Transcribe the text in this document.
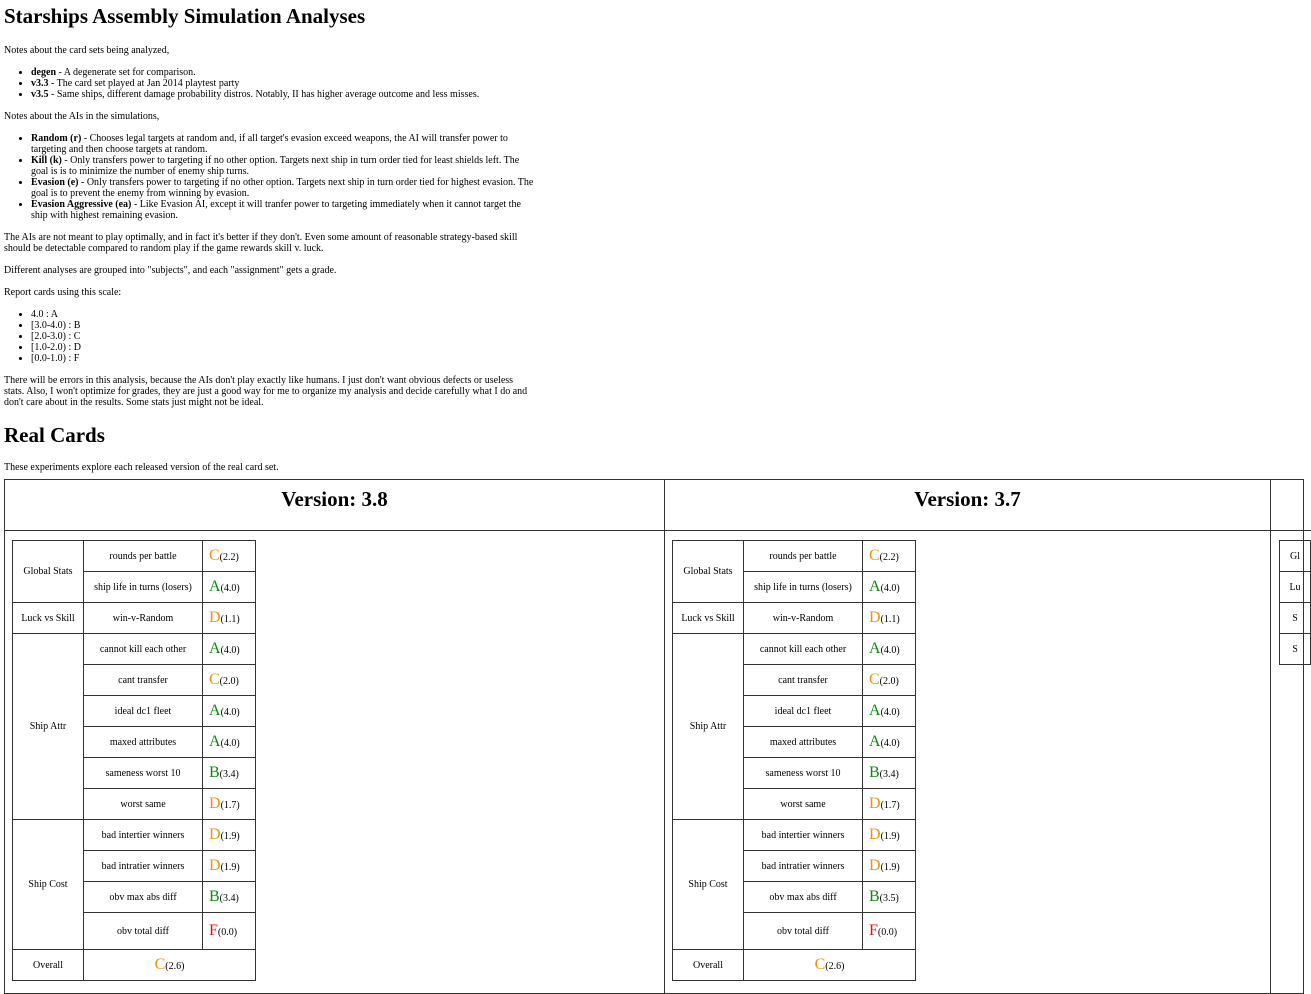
Starships Assembly Simulation Analyses

Notes about the card sets being analyzed,

• degen - A degenerate set for comparison.
• v3.3 - The card set played at Jan 2014 playtest party
• v3.5 - Same ships, different damage probability distros. Notably, II has higher average outcome and less misses.

Notes about the AIs in the simulations,

• Random (r) - Chooses legal targets at random and, if all target's evasion exceed weapons, the AI will transfer power to targeting and then choose targets at random.
• Kill (k) - Only transfers power to targeting if no other option. Targets next ship in turn order tied for least shields left. The goal is is to minimize the number of enemy ship turns.
• Evasion (e) - Only transfers power to targeting if no other option. Targets next ship in turn order tied for highest evasion. The goal is to prevent the enemy from winning by evasion.
• Evasion Aggressive (ea) - Like Evasion AI, except it will tranfer power to targeting immediately when it cannot target the ship with highest remaining evasion.

The AIs are not meant to play optimally, and in fact it's better if they don't. Even some amount of reasonable strategy-based skill should be detectable compared to random play if the game rewards skill v. luck.

Different analyses are grouped into "subjects", and each "assignment" gets a grade.

Report cards using this scale:

• 4.0 : A
• [3.0-4.0) : B
• [2.0-3.0) : C
• [1.0-2.0) : D
• [0.0-1.0) : F

There will be errors in this analysis, because the AIs don't play exactly like humans. I just don't want obvious defects or useless stats. Also, I won't optimize for grades, they are just a good way for me to organize my analysis and decide carefully what I do and don't care about in the results. Some stats just might not be ideal.

Real Cards

These experiments explore each released version of the real card set.

Version: 3.8
Global Stats	rounds per battle	C(2.2)
	ship life in turns (losers)	A(4.0)
Luck vs Skill	win-v-Random	D(1.1)
Ship Attr	cannot kill each other	A(4.0)
	cant transfer	C(2.0)
	ideal dc1 fleet	A(4.0)
	maxed attributes	A(4.0)
	sameness worst 10	B(3.4)
	worst same	D(1.7)
Ship Cost	bad intertier winners	D(1.9)
	bad intratier winners	D(1.9)
	obv max abs diff	B(3.4)
	obv total diff	F(0.0)
Overall	C(2.6)	
Version: 3.7
Global Stats	rounds per battle	C(2.2)
	ship life in turns (losers)	A(4.0)
Luck vs Skill	win-v-Random	D(1.1)
Ship Attr	cannot kill each other	A(4.0)
	cant transfer	C(2.0)
	ideal dc1 fleet	A(4.0)
	maxed attributes	A(4.0)
	sameness worst 10	B(3.4)
	worst same	D(1.7)
Ship Cost	bad intertier winners	D(1.9)
	bad intratier winners	D(1.9)
	obv max abs diff	B(3.5)
	obv total diff	F(0.0)
Overall	C(2.6)	
Gl

Lu
S

S
